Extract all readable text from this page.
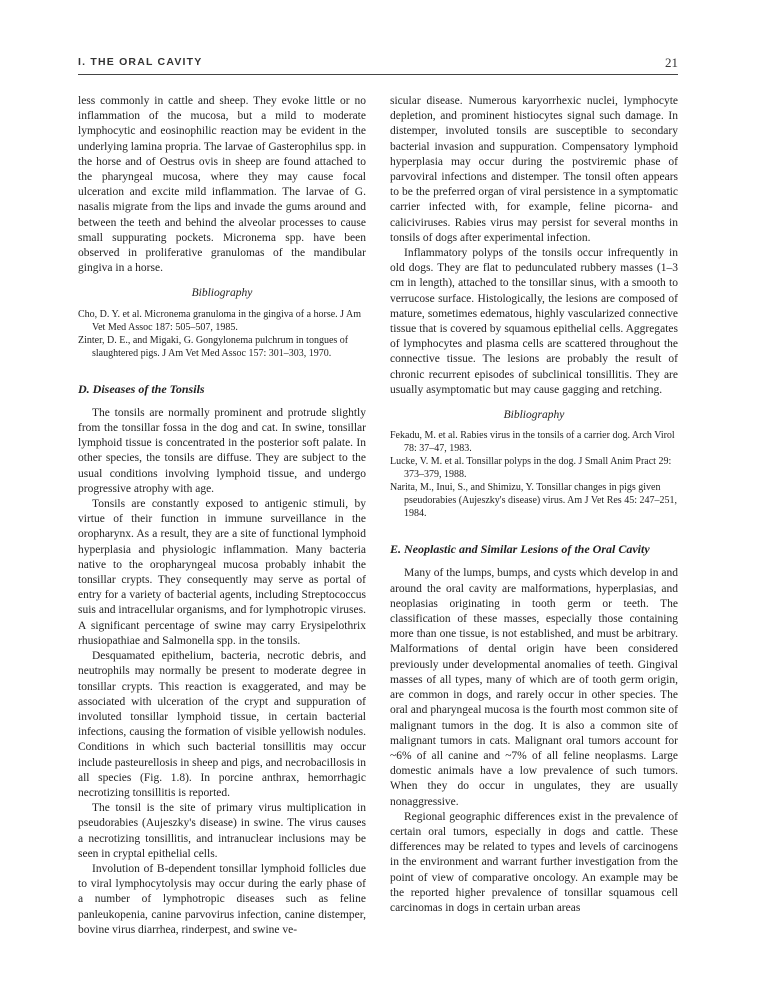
I. THE ORAL CAVITY	21

less commonly in cattle and sheep. They evoke little or no inflammation of the mucosa, but a mild to moderate lymphocytic and eosinophilic reaction may be evident in the underlying lamina propria. The larvae of Gasterophilus spp. in the horse and of Oestrus ovis in sheep are found attached to the pharyngeal mucosa, where they may cause focal ulceration and excite mild inflammation. The larvae of G. nasalis migrate from the lips and invade the gums around and between the teeth and behind the alveolar processes to cause small suppurating pockets. Micronema spp. have been observed in proliferative granulomas of the mandibular gingiva in a horse.

Bibliography

Cho, D. Y. et al. Micronema granuloma in the gingiva of a horse. J Am Vet Med Assoc 187: 505–507, 1985.

Zinter, D. E., and Migaki, G. Gongylonema pulchrum in tongues of slaughtered pigs. J Am Vet Med Assoc 157: 301–303, 1970.

D. Diseases of the Tonsils

The tonsils are normally prominent and protrude slightly from the tonsillar fossa in the dog and cat. In swine, tonsillar lymphoid tissue is concentrated in the posterior soft palate. In other species, the tonsils are diffuse. They are subject to the usual conditions involving lymphoid tissue, and undergo progressive atrophy with age.

Tonsils are constantly exposed to antigenic stimuli, by virtue of their function in immune surveillance in the oropharynx. As a result, they are a site of functional lymphoid hyperplasia and physiologic inflammation. Many bacteria native to the oropharyngeal mucosa probably inhabit the tonsillar crypts. They consequently may serve as portal of entry for a variety of bacterial agents, including Streptococcus suis and intracellular organisms, and for lymphotropic viruses. A significant percentage of swine may carry Erysipelothrix rhusiopathiae and Salmonella spp. in the tonsils.

Desquamated epithelium, bacteria, necrotic debris, and neutrophils may normally be present to moderate degree in tonsillar crypts. This reaction is exaggerated, and may be associated with ulceration of the crypt and suppuration of involuted tonsillar lymphoid tissue, in certain bacterial infections, causing the formation of visible yellowish nodules. Conditions in which such bacterial tonsillitis may occur include pasteurellosis in sheep and pigs, and necrobacillosis in all species (Fig. 1.8). In porcine anthrax, hemorrhagic necrotizing tonsillitis is reported.

The tonsil is the site of primary virus multiplication in pseudorabies (Aujeszky's disease) in swine. The virus causes a necrotizing tonsillitis, and intranuclear inclusions may be seen in cryptal epithelial cells.

Involution of B-dependent tonsillar lymphoid follicles due to viral lymphocytolysis may occur during the early phase of a number of lymphotropic diseases such as feline panleukopenia, canine parvovirus infection, canine distemper, bovine virus diarrhea, rinderpest, and swine ve-

sicular disease. Numerous karyorrhexic nuclei, lymphocyte depletion, and prominent histiocytes signal such damage. In distemper, involuted tonsils are susceptible to secondary bacterial invasion and suppuration. Compensatory lymphoid hyperplasia may occur during the postviremic phase of parvoviral infections and distemper. The tonsil often appears to be the preferred organ of viral persistence in a symptomatic carrier infected with, for example, feline picorna- and caliciviruses. Rabies virus may persist for several months in tonsils of dogs after experimental infection.

Inflammatory polyps of the tonsils occur infrequently in old dogs. They are flat to pedunculated rubbery masses (1–3 cm in length), attached to the tonsillar sinus, with a smooth to verrucose surface. Histologically, the lesions are composed of mature, sometimes edematous, highly vascularized connective tissue that is covered by squamous epithelial cells. Aggregates of lymphocytes and plasma cells are scattered throughout the connective tissue. The lesions are probably the result of chronic recurrent episodes of subclinical tonsillitis. They are usually asymptomatic but may cause gagging and retching.

Bibliography

Fekadu, M. et al. Rabies virus in the tonsils of a carrier dog. Arch Virol 78: 37–47, 1983.

Lucke, V. M. et al. Tonsillar polyps in the dog. J Small Anim Pract 29: 373–379, 1988.

Narita, M., Inui, S., and Shimizu, Y. Tonsillar changes in pigs given pseudorabies (Aujeszky's disease) virus. Am J Vet Res 45: 247–251, 1984.

E. Neoplastic and Similar Lesions of the Oral Cavity

Many of the lumps, bumps, and cysts which develop in and around the oral cavity are malformations, hyperplasias, and neoplasias originating in tooth germ or teeth. The classification of these masses, especially those containing more than one tissue, is not established, and must be arbitrary. Malformations of dental origin have been considered previously under developmental anomalies of teeth. Gingival masses of all types, many of which are of tooth germ origin, are common in dogs, and rarely occur in other species. The oral and pharyngeal mucosa is the fourth most common site of malignant tumors in the dog. It is also a common site of malignant tumors in cats. Malignant oral tumors account for ~6% of all canine and ~7% of all feline neoplasms. Large domestic animals have a low prevalence of such tumors. When they do occur in ungulates, they are usually nonaggressive.

Regional geographic differences exist in the prevalence of certain oral tumors, especially in dogs and cattle. These differences may be related to types and levels of carcinogens in the environment and warrant further investigation from the point of view of comparative oncology. An example may be the reported higher prevalence of tonsillar squamous cell carcinomas in dogs in certain urban areas
